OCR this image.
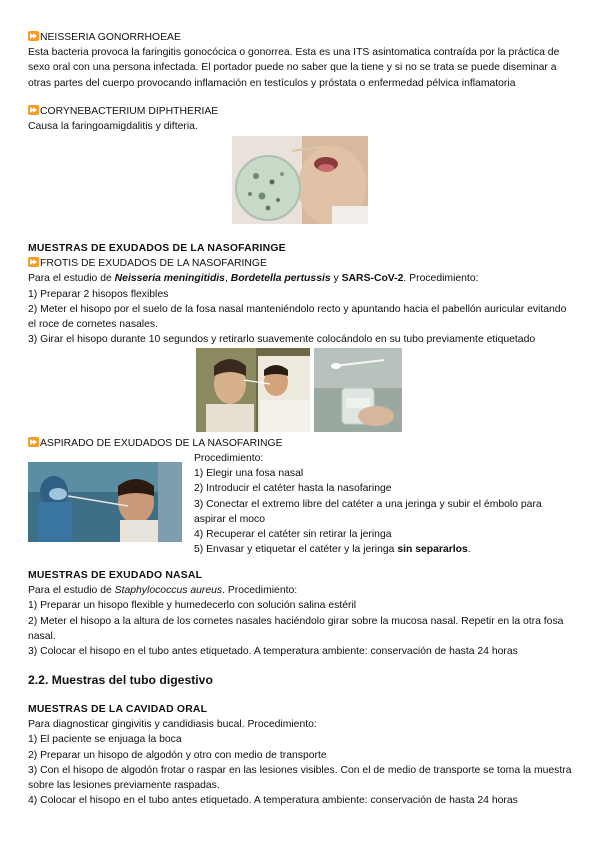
NEISSERIA GONORRHOEAE

Esta bacteria provoca la faringitis gonocócica o gonorrea. Esta es una ITS asintomatica contraída por la práctica de sexo oral con una persona infectada. El portador puede no saber que la tiene y si no se trata se puede diseminar a otras partes del cuerpo provocando inflamación en testículos y próstata o enfermedad pélvica inflamatoria

CORYNEBACTERIUM DIPHTHERIAE

Causa la faringoamigdalitis y difteria.

MUESTRAS DE EXUDADOS DE LA NASOFARINGE

FROTIS DE EXUDADOS DE LA NASOFARINGE

Para el estudio de Neisseria meningitidis, Bordetella pertussis y SARS-CoV-2. Procedimiento:

1) Preparar 2 hisopos flexibles

2) Meter el hisopo por el suelo de la fosa nasal manteniéndolo recto y apuntando hacia el pabellón auricular evitando el roce de cornetes nasales.

3) Girar el hisopo durante 10 segundos y retirarlo suavemente colocándolo en su tubo previamente etiquetado

ASPIRADO DE EXUDADOS DE LA NASOFARINGE

Procedimiento:

1) Elegir una fosa nasal

2) Introducir el catéter hasta la nasofaringe

3) Conectar el extremo libre del catéter a una jeringa y subir el émbolo para aspirar el moco

4) Recuperar el catéter sin retirar la jeringa

5) Envasar y etiquetar el catéter y la jeringa sin separarlos.

MUESTRAS DE EXUDADO NASAL

Para el estudio de Staphylococcus aureus. Procedimiento:

1) Preparar un hisopo flexible y humedecerlo con solución salina estéril

2) Meter el hisopo a la altura de los cornetes nasales haciéndolo girar sobre la mucosa nasal. Repetir en la otra fosa nasal.

3) Colocar el hisopo en el tubo antes etiquetado. A temperatura ambiente: conservación de hasta 24 horas

2.2. Muestras del tubo digestivo

MUESTRAS DE LA CAVIDAD ORAL

Para diagnosticar gingivitis y candidiasis bucal. Procedimiento:

1) El paciente se enjuaga la boca

2) Preparar un hisopo de algodón y otro con medio de transporte

3) Con el hisopo de algodón frotar o raspar en las lesiones visibles. Con el de medio de transporte se toma la muestra sobre las lesiones previamente raspadas.

4) Colocar el hisopo en el tubo antes etiquetado. A temperatura ambiente: conservación de hasta 24 horas
